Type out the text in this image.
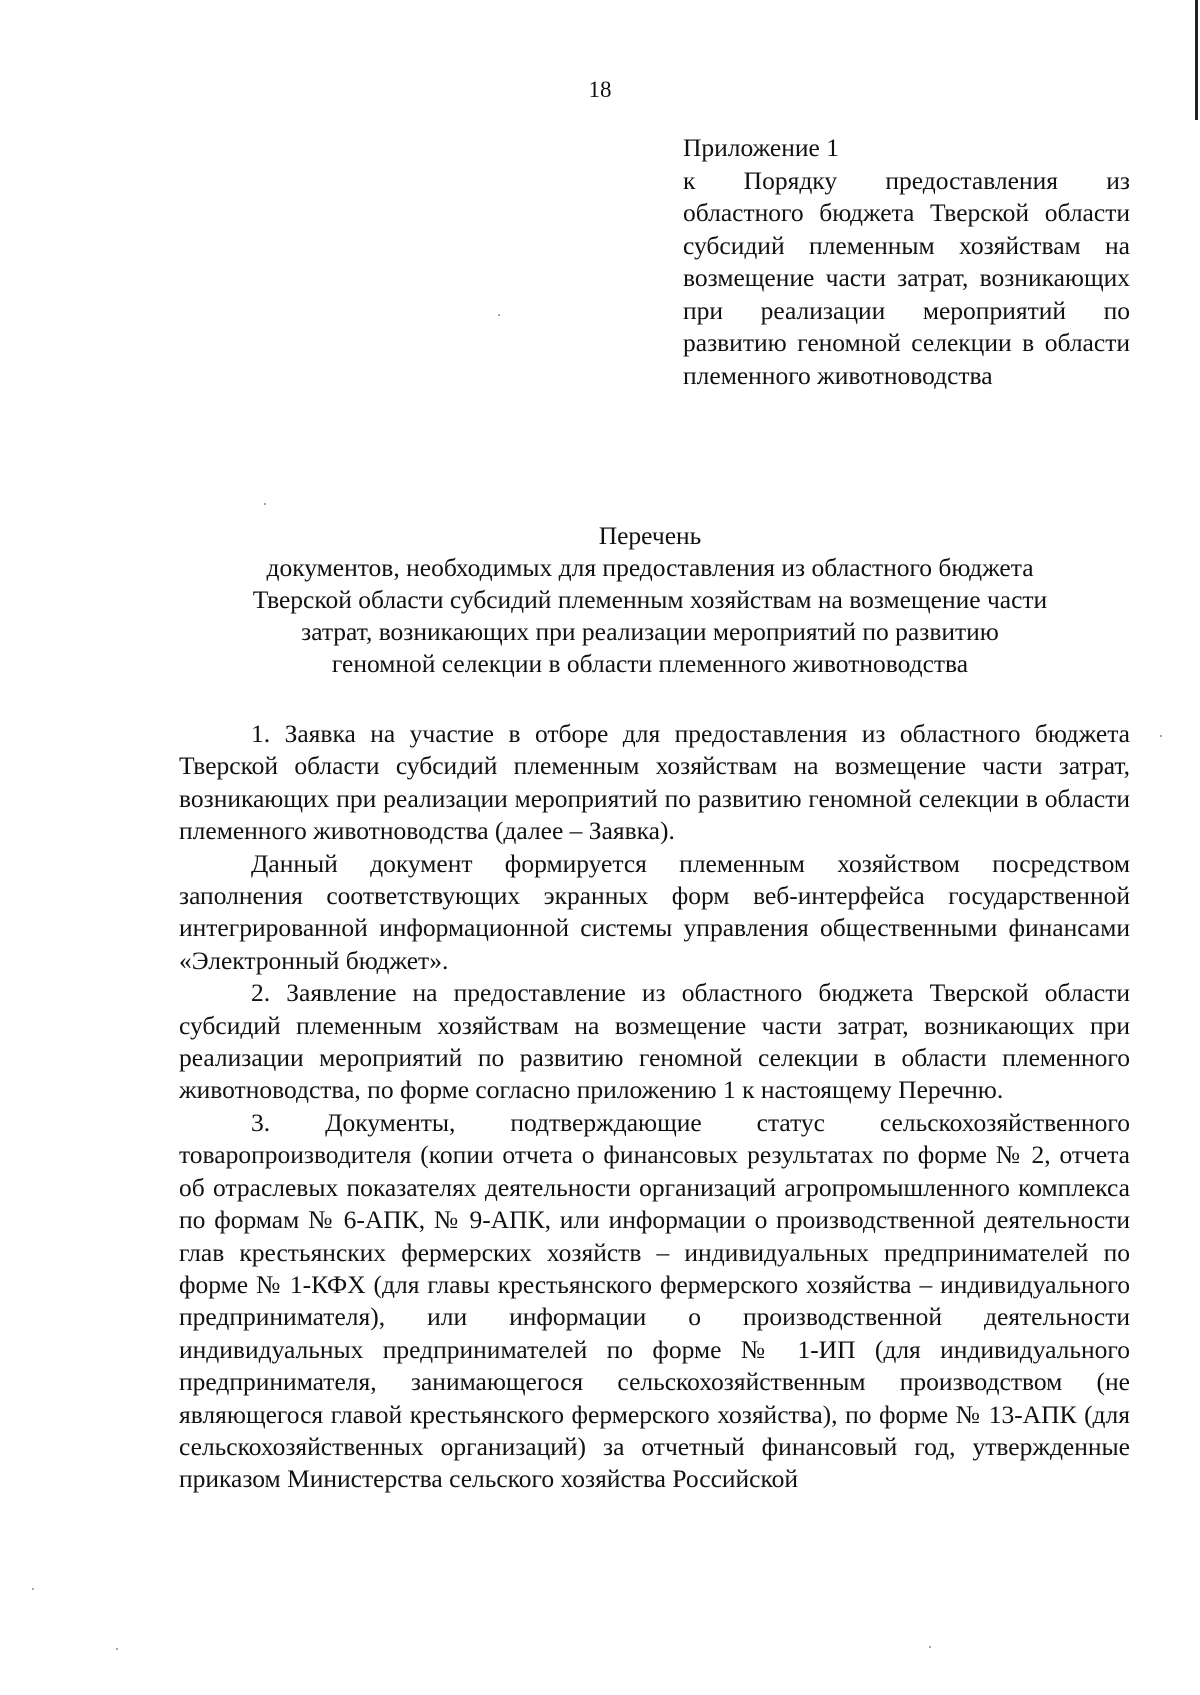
18
Приложение 1
к Порядку предоставления из областного бюджета Тверской области субсидий племенным хозяйствам на возмещение части затрат, возникающих при реализации мероприятий по развитию геномной селекции в области племенного животноводства
Перечень
документов, необходимых для предоставления из областного бюджета
Тверской области субсидий племенным хозяйствам на возмещение части
затрат, возникающих при реализации мероприятий по развитию
геномной селекции в области племенного животноводства

1. Заявка на участие в отборе для предоставления из областного бюджета Тверской области субсидий племенным хозяйствам на возмещение части затрат, возникающих при реализации мероприятий по развитию геномной селекции в области племенного животноводства (далее – Заявка).

Данный документ формируется племенным хозяйством посредством заполнения соответствующих экранных форм веб-интерфейса государственной интегрированной информационной системы управления общественными финансами «Электронный бюджет».

2. Заявление на предоставление из областного бюджета Тверской области субсидий племенным хозяйствам на возмещение части затрат, возникающих при реализации мероприятий по развитию геномной селекции в области племенного животноводства, по форме согласно приложению 1 к настоящему Перечню.

3. Документы, подтверждающие статус сельскохозяйственного товаропроизводителя (копии отчета о финансовых результатах по форме № 2, отчета об отраслевых показателях деятельности организаций агропромышленного комплекса по формам № 6-АПК, № 9-АПК, или информации о производственной деятельности глав крестьянских фермерских хозяйств – индивидуальных предпринимателей по форме № 1-КФХ (для главы крестьянского фермерского хозяйства – индивидуального предпринимателя), или информации о производственной деятельности индивидуальных предпринимателей по форме № 1-ИП (для индивидуального предпринимателя, занимающегося сельскохозяйственным производством (не являющегося главой крестьянского фермерского хозяйства), по форме № 13-АПК (для сельскохозяйственных организаций) за отчетный финансовый год, утвержденные приказом Министерства сельского хозяйства Российской
